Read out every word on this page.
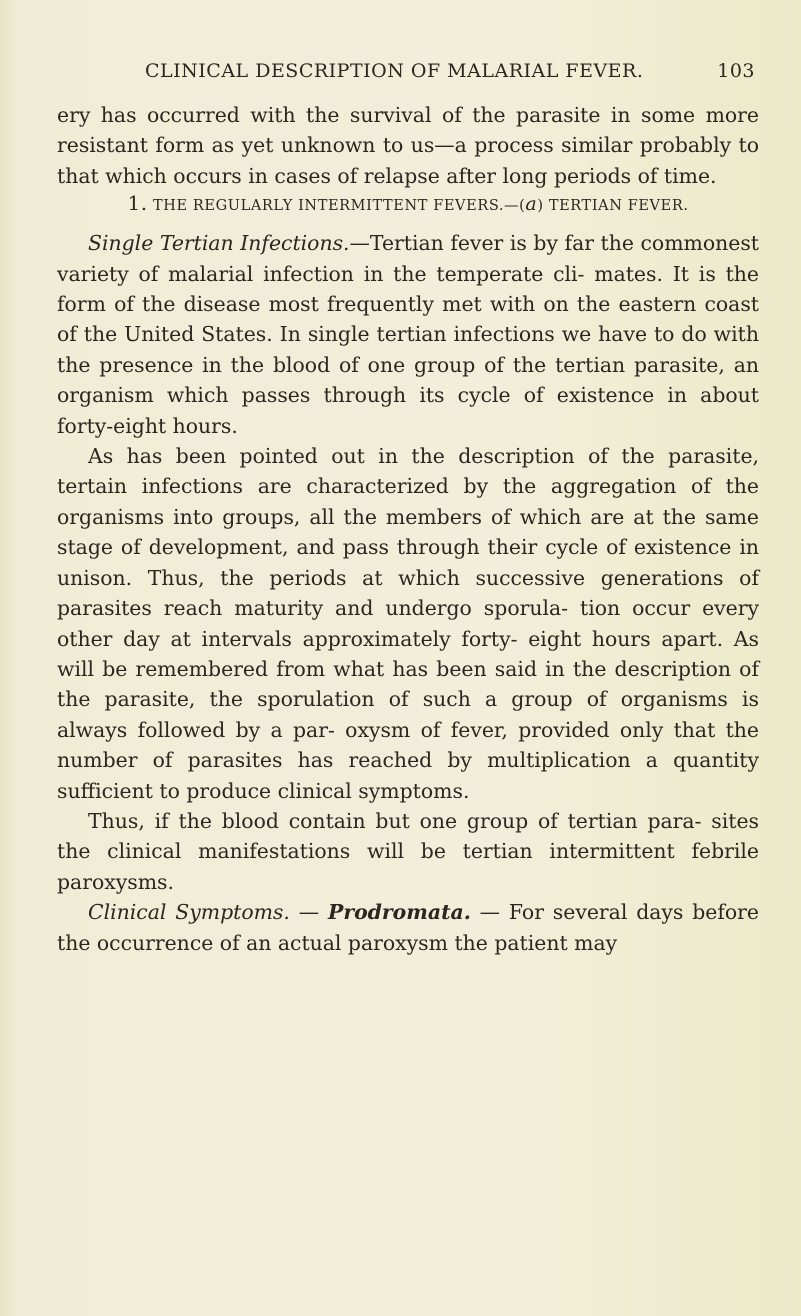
CLINICAL DESCRIPTION OF MALARIAL FEVER.	103

ery has occurred with the survival of the parasite in some more resistant form as yet unknown to us—a process similar probably to that which occurs in cases of relapse after long periods of time.

1. THE REGULARLY INTERMITTENT FEVERS.—(a) TERTIAN FEVER.

Single Tertian Infections.—Tertian fever is by far the commonest variety of malarial infection in the temperate cli- mates. It is the form of the disease most frequently met with on the eastern coast of the United States. In single tertian infections we have to do with the presence in the blood of one group of the tertian parasite, an organism which passes through its cycle of existence in about forty-eight hours.

As has been pointed out in the description of the parasite, tertain infections are characterized by the aggregation of the organisms into groups, all the members of which are at the same stage of development, and pass through their cycle of existence in unison. Thus, the periods at which successive generations of parasites reach maturity and undergo sporula- tion occur every other day at intervals approximately forty- eight hours apart. As will be remembered from what has been said in the description of the parasite, the sporulation of such a group of organisms is always followed by a par- oxysm of fever, provided only that the number of parasites has reached by multiplication a quantity sufficient to produce clinical symptoms.

Thus, if the blood contain but one group of tertian para- sites the clinical manifestations will be tertian intermittent febrile paroxysms.

Clinical Symptoms. — Prodromata. — For several days before the occurrence of an actual paroxysm the patient may
